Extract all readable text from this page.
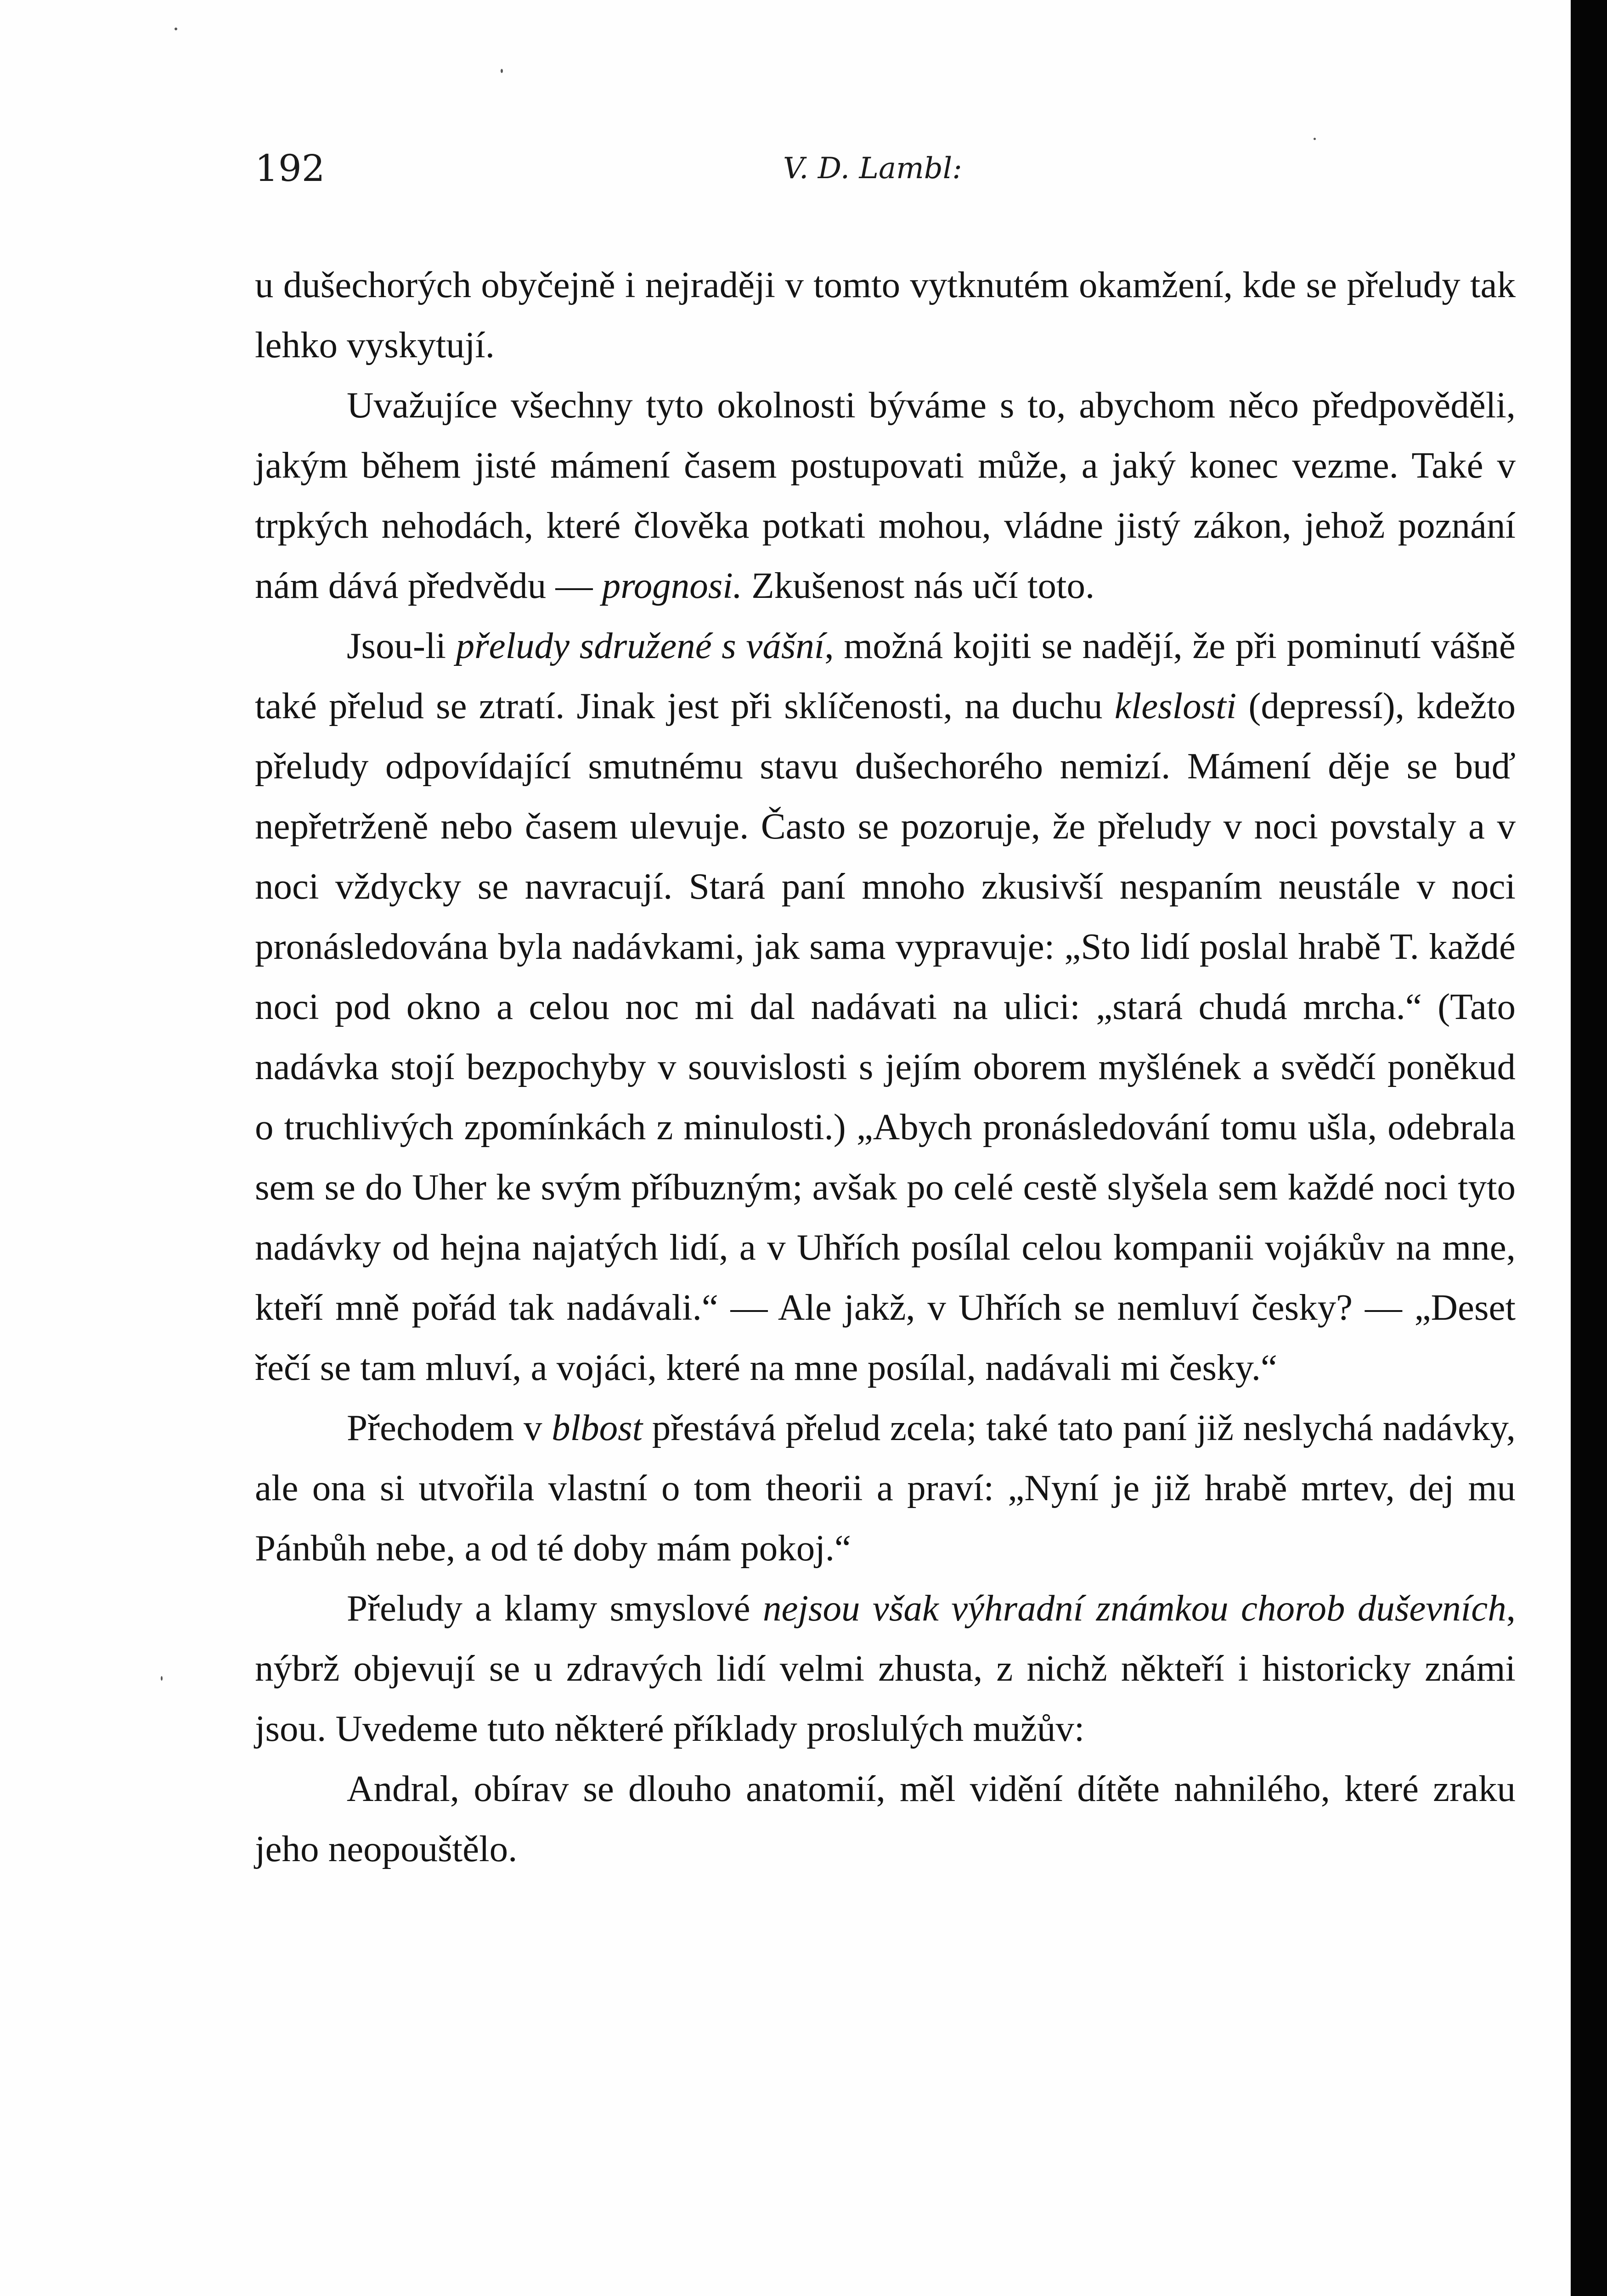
192	V. D. Lambl:

u dušechorých obyčejně i nejraději v tomto vytknutém okamžení, kde se přeludy tak lehko vyskytují.

Uvažujíce všechny tyto okolnosti býváme s to, abychom něco předpověděli, jakým během jisté mámení časem postupovati může, a jaký konec vezme. Také v trpkých nehodách, které člověka potkati mohou, vládne jistý zákon, jehož poznání nám dává předvědu — prognosi. Zkušenost nás učí toto.

Jsou-li přeludy sdružené s vášní, možná kojiti se nadějí, že při pominutí vášně také přelud se ztratí. Jinak jest při sklíčenosti, na duchu kleslosti (depressí), kdežto přeludy odpovídající smutnému stavu dušechorého nemizí. Mámení děje se buď nepřetrženě nebo časem ulevuje. Často se pozoruje, že přeludy v noci povstaly a v noci vždycky se navracují. Stará paní mnoho zkusivší nespaním neustále v noci pronásledována byla nadávkami, jak sama vypravuje: „Sto lidí poslal hrabě T. každé noci pod okno a celou noc mi dal nadávati na ulici: „stará chudá mrcha.“ (Tato nadávka stojí bezpochyby v souvislosti s jejím oborem myšlének a svědčí poněkud o truchlivých zpomínkách z minulosti.) „Abych pronásledování tomu ušla, odebrala sem se do Uher ke svým příbuzným; avšak po celé cestě slyšela sem každé noci tyto nadávky od hejna najatých lidí, a v Uhřích posílal celou kompanii vojákův na mne, kteří mně pořád tak nadávali.“ — Ale jakž, v Uhřích se nemluví česky? — „Deset řečí se tam mluví, a vojáci, které na mne posílal, nadávali mi česky.“

Přechodem v blbost přestává přelud zcela; také tato paní již neslychá nadávky, ale ona si utvořila vlastní o tom theorii a praví: „Nyní je již hrabě mrtev, dej mu Pánbůh nebe, a od té doby mám pokoj.“

Přeludy a klamy smyslové nejsou však výhradní známkou chorob duševních, nýbrž objevují se u zdravých lidí velmi zhusta, z nichž někteří i historicky známi jsou. Uvedeme tuto některé příklady proslulých mužův:

Andral, obírav se dlouho anatomií, měl vidění dítěte nahnilého, které zraku jeho neopouštělo.
